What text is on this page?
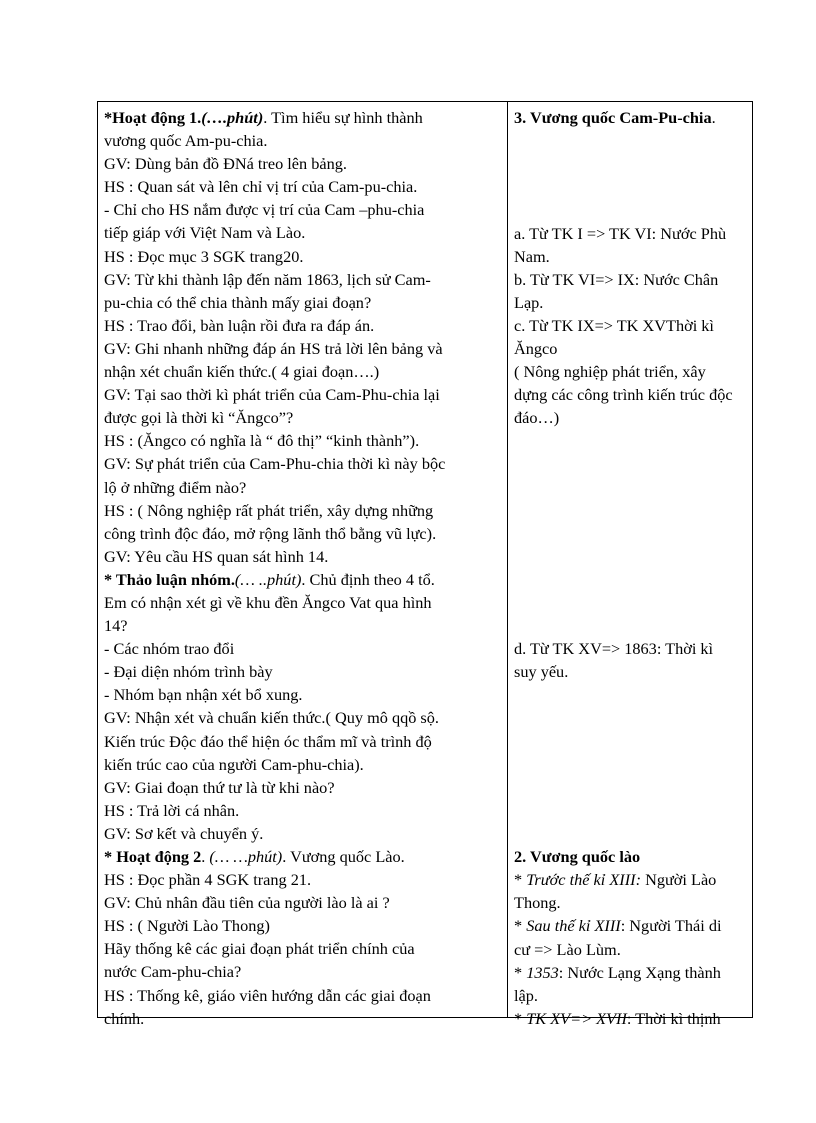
*Hoạt động 1.(….phút). Tìm hiểu sự hình thành
vương quốc Am-pu-chia.
GV: Dùng bản đồ ĐNá treo lên bảng.
HS : Quan sát và lên chỉ vị trí của Cam-pu-chia.
- Chỉ cho HS nắm được vị trí của Cam –phu-chia
tiếp giáp với Việt Nam và Lào.
HS : Đọc mục 3 SGK trang20.
GV: Từ khi thành lập đến năm 1863, lịch sử Cam-
pu-chia có thể chia thành mấy giai đoạn?
HS : Trao đổi, bàn luận rồi đưa ra đáp án.
GV: Ghi nhanh những đáp án HS trả lời lên bảng và
nhận xét chuẩn kiến thức.( 4 giai đoạn….)
GV: Tại sao thời kì phát triển của Cam-Phu-chia lại
được gọi là thời kì “Ăngco”?
HS : (Ăngco có nghĩa là “ đô thị” “kinh thành”).
GV: Sự phát triển của Cam-Phu-chia thời kì này bộc
lộ ở những điểm nào?
HS : ( Nông nghiệp rất phát triển, xây dựng những
công trình độc đáo, mở rộng lãnh thổ bằng vũ lực).
GV: Yêu cầu HS quan sát hình 14.
* Thảo luận nhóm.(… ..phút). Chủ định theo 4 tổ.
Em có nhận xét gì về khu đền Ăngco Vat qua hình
14?
- Các nhóm trao đổi
- Đại diện nhóm trình bày
- Nhóm bạn nhận xét bổ xung.
GV: Nhận xét và chuẩn kiến thức.( Quy mô qqồ sộ.
Kiến trúc Độc đáo thể hiện óc thẩm mĩ và trình độ
kiến trúc cao của người Cam-phu-chia).
GV: Giai đoạn thứ tư là từ khi nào?
HS : Trả lời cá nhân.
GV: Sơ kết và chuyển ý.
* Hoạt động 2. (… …phút). Vương quốc Lào.
HS : Đọc phần 4 SGK trang 21.
GV: Chủ nhân đầu tiên của người lào là ai ?
HS : ( Người Lào Thong)
Hãy thống kê các giai đoạn phát triển chính của
nước Cam-phu-chia?
HS : Thống kê, giáo viên hướng dẫn các giai đoạn
chính.
3. Vương quốc Cam-Pu-chia.
a. Từ TK I => TK VI: Nước Phù
Nam.
b. Từ TK VI=> IX: Nước Chân
Lạp.
c. Từ TK IX=> TK XVThời kì
Ăngco
( Nông nghiệp phát triển, xây
dựng các công trình kiến trúc độc
đáo…)
d. Từ TK XV=> 1863: Thời kì
suy yếu.
2. Vương quốc lào
* Trước thế kỉ XIII: Người Lào
Thong.
* Sau thế kỉ XIII: Người Thái di
cư => Lào Lùm.
* 1353: Nước Lạng Xạng thành
lập.
* TK XV=> XVII: Thời kì thịnh
